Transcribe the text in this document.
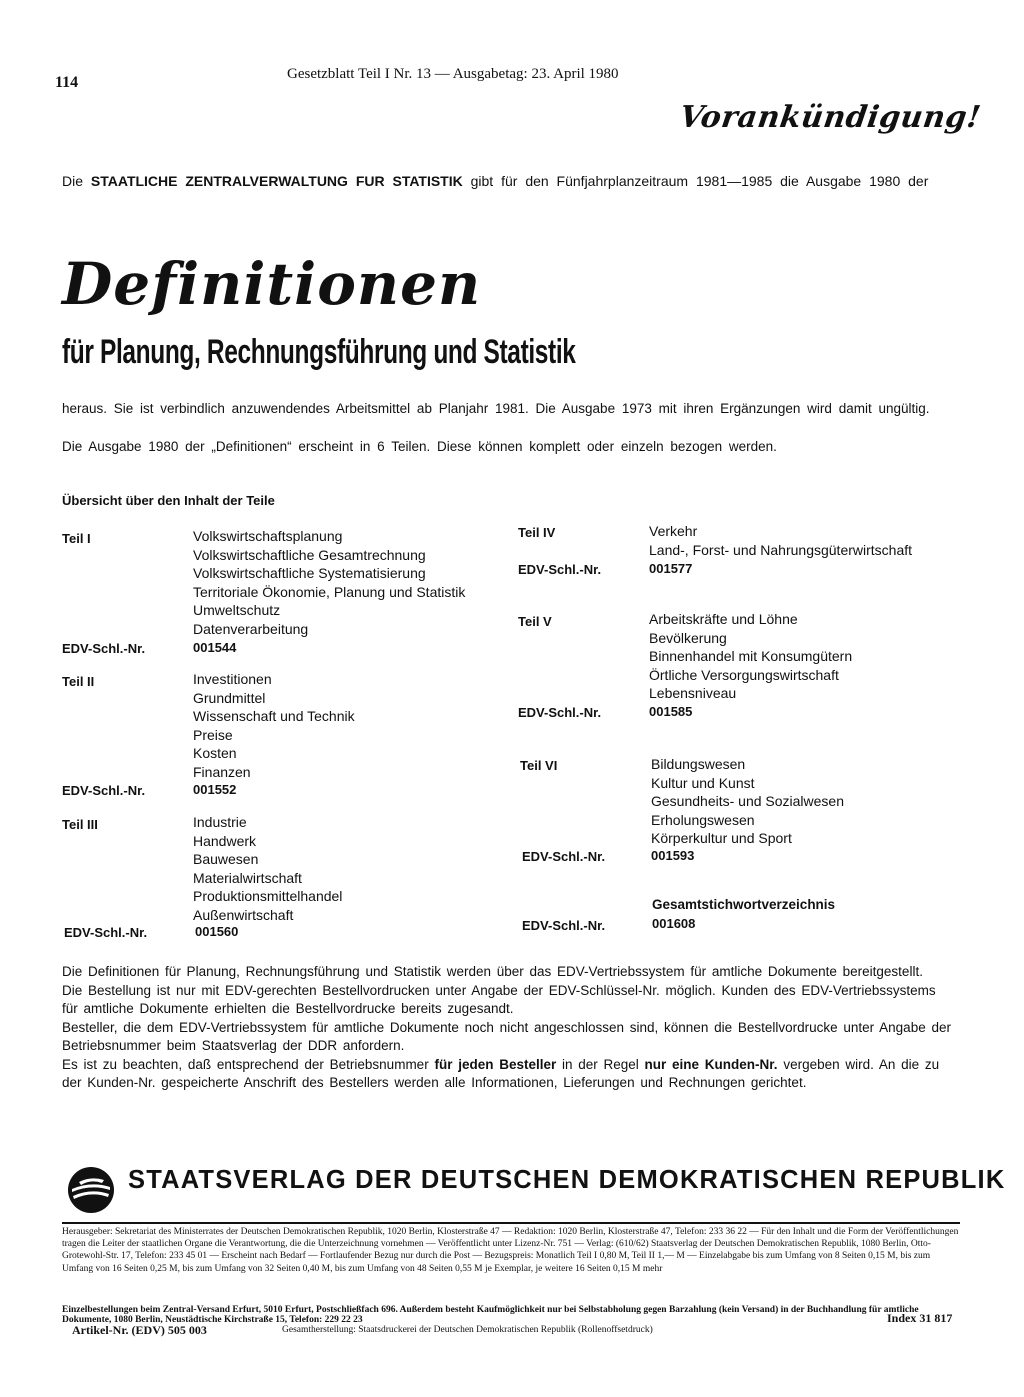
114	Gesetzblatt Teil I Nr. 13 — Ausgabetag: 23. April 1980
Vorankündigung!
Die STAATLICHE ZENTRALVERWALTUNG FUR STATISTIK gibt für den Fünfjahrplanzeitraum 1981—1985 die Ausgabe 1980 der
Definitionen
für Planung, Rechnungsführung und Statistik
heraus. Sie ist verbindlich anzuwendendes Arbeitsmittel ab Planjahr 1981. Die Ausgabe 1973 mit ihren Ergänzungen wird damit ungültig.
Die Ausgabe 1980 der „Definitionen“ erscheint in 6 Teilen. Diese können komplett oder einzeln bezogen werden.
Übersicht über den Inhalt der Teile
Teil I	Volkswirtschaftsplanung
Volkswirtschaftliche Gesamtrechnung
Volkswirtschaftliche Systematisierung
Territoriale Ökonomie, Planung und Statistik
Umweltschutz
Datenverarbeitung
EDV-Schl.-Nr.	001544
Teil II	Investitionen
Grundmittel
Wissenschaft und Technik
Preise
Kosten
Finanzen
EDV-Schl.-Nr.	001552
Teil III	Industrie
Handwerk
Bauwesen
Materialwirtschaft
Produktionsmittelhandel
Außenwirtschaft
EDV-Schl.-Nr.	001560
Teil IV	Verkehr
Land-, Forst- und Nahrungsgüterwirtschaft
EDV-Schl.-Nr.	001577
Teil V	Arbeitskräfte und Löhne
Bevölkerung
Binnenhandel mit Konsumgütern
Örtliche Versorgungswirtschaft
Lebensniveau
EDV-Schl.-Nr.	001585
Teil VI	Bildungswesen
Kultur und Kunst
Gesundheits- und Sozialwesen
Erholungswesen
Körperkultur und Sport
EDV-Schl.-Nr.	001593
Gesamtstichwortverzeichnis
EDV-Schl.-Nr.	001608
Die Definitionen für Planung, Rechnungsführung und Statistik werden über das EDV-Vertriebssystem für amtliche Dokumente bereitgestellt.
Die Bestellung ist nur mit EDV-gerechten Bestellvordrucken unter Angabe der EDV-Schlüssel-Nr. möglich. Kunden des EDV-Vertriebssystems für amtliche Dokumente erhielten die Bestellvordrucke bereits zugesandt.
Besteller, die dem EDV-Vertriebssystem für amtliche Dokumente noch nicht angeschlossen sind, können die Bestellvordrucke unter Angabe der Betriebsnummer beim Staatsverlag der DDR anfordern.
Es ist zu beachten, daß entsprechend der Betriebsnummer für jeden Besteller in der Regel nur eine Kunden-Nr. vergeben wird. An die zu der Kunden-Nr. gespeicherte Anschrift des Bestellers werden alle Informationen, Lieferungen und Rechnungen gerichtet.
STAATSVERLAG DER DEUTSCHEN DEMOKRATISCHEN REPUBLIK
Herausgeber: Sekretariat des Ministerrates der Deutschen Demokratischen Republik, 1020 Berlin, Klosterstraße 47 — Redaktion: 1020 Berlin, Klosterstraße 47, Telefon: 233 36 22 — Für den Inhalt und die Form der Veröffentlichungen tragen die Leiter der staatlichen Organe die Verantwortung, die die Unterzeichnung vornehmen — Veröffentlicht unter Lizenz-Nr. 751 — Verlag: (610/62) Staatsverlag der Deutschen Demokratischen Republik, 1080 Berlin, Otto-Grotewohl-Str. 17, Telefon: 233 45 01 — Erscheint nach Bedarf — Fortlaufender Bezug nur durch die Post — Bezugspreis: Monatlich Teil I 0,80 M, Teil II 1,— M — Einzelabgabe bis zum Umfang von 8 Seiten 0,15 M, bis zum Umfang von 16 Seiten 0,25 M, bis zum Umfang von 32 Seiten 0,40 M, bis zum Umfang von 48 Seiten 0,55 M je Exemplar, je weitere 16 Seiten 0,15 M mehr
Einzelbestellungen beim Zentral-Versand Erfurt, 5010 Erfurt, Postschließfach 696. Außerdem besteht Kaufmöglichkeit nur bei Selbstabholung gegen Barzahlung (kein Versand) in der Buchhandlung für amtliche Dokumente, 1080 Berlin, Neustädtische Kirchstraße 15, Telefon: 229 22 23
Artikel-Nr. (EDV) 505 003	Gesamtherstellung: Staatsdruckerei der Deutschen Demokratischen Republik (Rollenoffsetdruck)
Index 31 817
